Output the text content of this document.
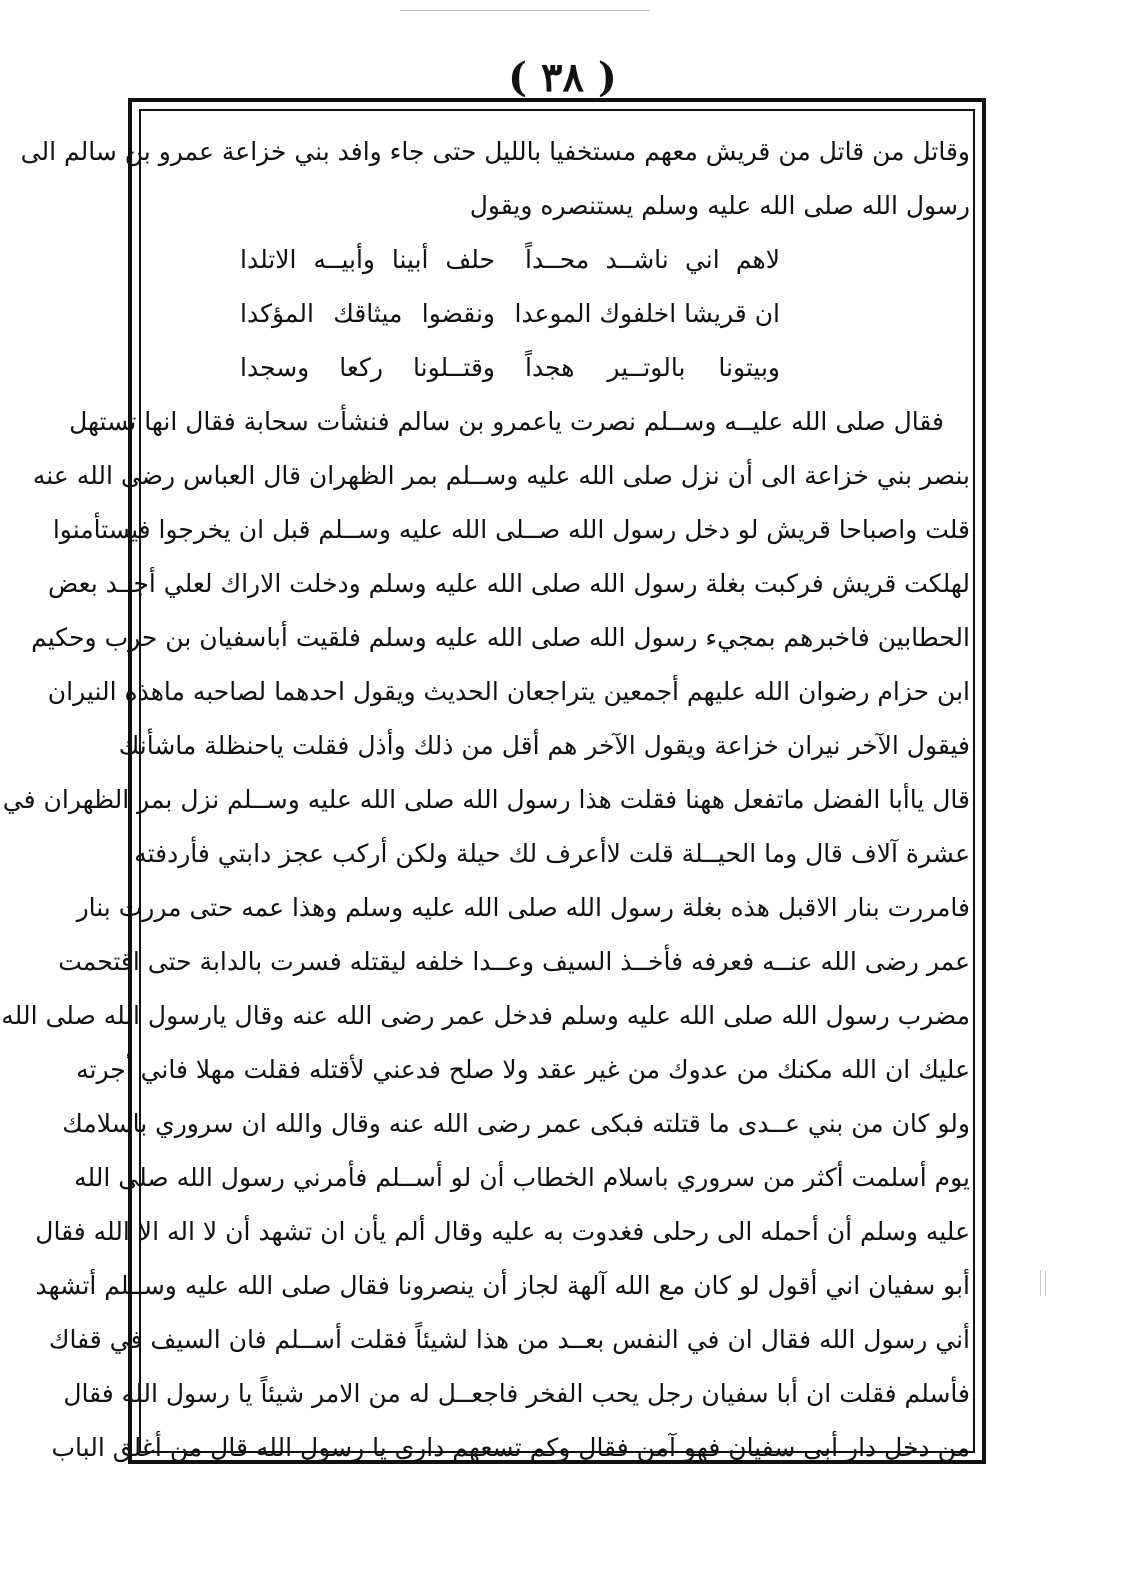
( ٣٨ )
وقاتل من قاتل من قريش معهم مستخفيا بالليل حتى جاء وافد بني خزاعة عمرو بن سالم الى
رسول الله صلى الله عليه وسلم يستنصره ويقول
لاهم اني ناشــد محــداً
حلف أبينا وأبيــه الاتلدا
ان قريشا اخلفوك الموعدا
ونقضوا ميثاقك المؤكدا
وبيتونا بالوتــير هجداً
وقتــلونا ركعا وسجدا
فقال صلى الله عليــه وســلم نصرت ياعمرو بن سالم فنشأت سحابة فقال انها تستهل
بنصر بني خزاعة الى أن نزل صلى الله عليه وســلم بمر الظهران قال العباس رضى الله عنه
قلت واصباحا قريش لو دخل رسول الله صــلى الله عليه وســلم قبل ان يخرجوا فيستأمنوا
لهلكت قريش فركبت بغلة رسول الله صلى الله عليه وسلم ودخلت الاراك لعلي أجــد بعض
الحطابين فاخبرهم بمجيء رسول الله صلى الله عليه وسلم فلقيت أباسفيان بن حرب وحكيم
ابن حزام رضوان الله عليهم أجمعين يتراجعان الحديث ويقول احدهما لصاحبه ماهذه النيران
فيقول الآخر نيران خزاعة ويقول الآخر هم أقل من ذلك وأذل فقلت ياحنظلة ماشأنك
قال ياأبا الفضل ماتفعل ههنا فقلت هذا رسول الله صلى الله عليه وســلم نزل بمر الظهران في
عشرة آلاف قال وما الحيــلة قلت لاأعرف لك حيلة ولكن أركب عجز دابتي فأردفته
فامررت بنار الاقبل هذه بغلة رسول الله صلى الله عليه وسلم وهذا عمه حتى مررت بنار
عمر رضى الله عنــه فعرفه فأخــذ السيف وعــدا خلفه ليقتله فسرت بالدابة حتى اقتحمت
مضرب رسول الله صلى الله عليه وسلم فدخل عمر رضى الله عنه وقال يارسول الله صلى الله
عليك ان الله مكنك من عدوك من غير عقد ولا صلح فدعني لأقتله فقلت مهلا فاني أجرته
ولو كان من بني عــدى ما قتلته فبكى عمر رضى الله عنه وقال والله ان سروري باسلامك
يوم أسلمت أكثر من سروري باسلام الخطاب أن لو أســلم فأمرني رسول الله صلى الله
عليه وسلم أن أحمله الى رحلى فغدوت به عليه وقال ألم يأن ان تشهد أن لا اله الا الله فقال
أبو سفيان اني أقول لو كان مع الله آلهة لجاز أن ينصرونا فقال صلى الله عليه وســلم أتشهد
أني رسول الله فقال ان في النفس بعــد من هذا لشيئاً فقلت أســلم فان السيف في قفاك
فأسلم فقلت ان أبا سفيان رجل يحب الفخر فاجعــل له من الامر شيئاً يا رسول الله فقال
من دخل دار أبي سفيان فهو آمن فقال وكم تسعهم داري يا رسول الله قال من أغلق الباب
